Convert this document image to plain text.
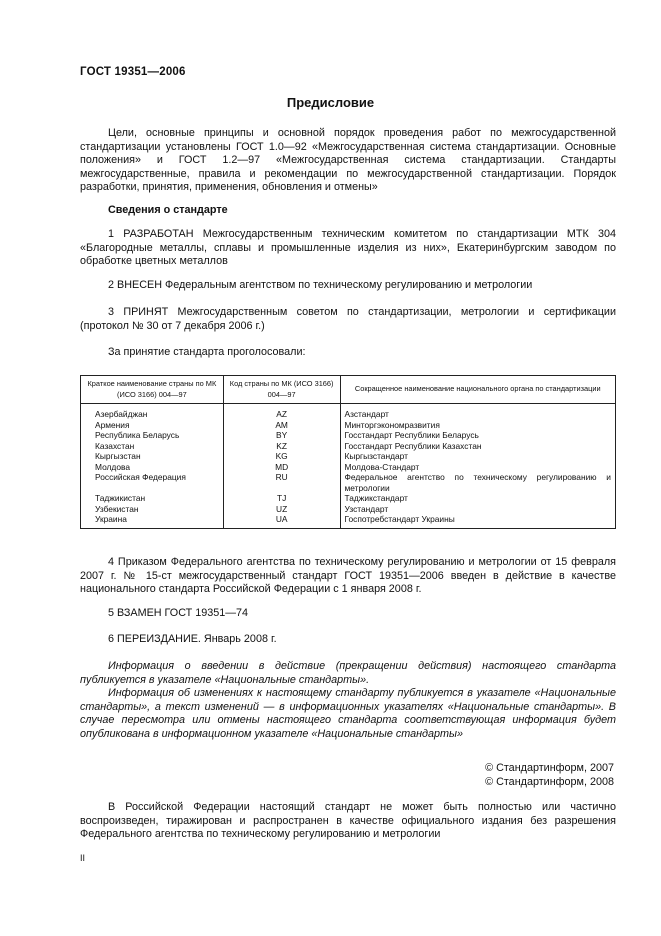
ГОСТ 19351—2006
Предисловие
Цели, основные принципы и основной порядок проведения работ по межгосударственной стандартизации установлены ГОСТ 1.0—92 «Межгосударственная система стандартизации. Основные положения» и ГОСТ 1.2—97 «Межгосударственная система стандартизации. Стандарты межгосударственные, правила и рекомендации по межгосударственной стандартизации. Порядок разработки, принятия, применения, обновления и отмены»
Сведения о стандарте
1 РАЗРАБОТАН Межгосударственным техническим комитетом по стандартизации МТК 304 «Благородные металлы, сплавы и промышленные изделия из них», Екатеринбургским заводом по обработке цветных металлов
2 ВНЕСЕН Федеральным агентством по техническому регулированию и метрологии
3 ПРИНЯТ Межгосударственным советом по стандартизации, метрологии и сертификации (протокол № 30 от 7 декабря 2006 г.)
За принятие стандарта проголосовали:
Краткое наименование страны по МК (ИСО 3166) 004—97	Код страны по МК (ИСО 3166) 004—97	Сокращенное наименование национального органа по стандартизации
Азербайджан	AZ	Азстандарт
Армения	AM	Минторгэкономразвития
Республика Беларусь	BY	Госстандарт Республики Беларусь
Казахстан	KZ	Госстандарт Республики Казахстан
Кыргызстан	KG	Кыргызстандарт
Молдова	MD	Молдова-Стандарт
Российская Федерация	RU	Федеральное агентство по техническому регулированию и метрологии
Таджикистан	TJ	Таджикстандарт
Узбекистан	UZ	Узстандарт
Украина	UA	Госпотребстандарт Украины
4 Приказом Федерального агентства по техническому регулированию и метрологии от 15 февраля 2007 г. № 15-ст межгосударственный стандарт ГОСТ 19351—2006 введен в действие в качестве национального стандарта Российской Федерации с 1 января 2008 г.
5 ВЗАМЕН ГОСТ 19351—74
6 ПЕРЕИЗДАНИЕ. Январь 2008 г.
Информация о введении в действие (прекращении действия) настоящего стандарта публикуется в указателе «Национальные стандарты».
Информация об изменениях к настоящему стандарту публикуется в указателе «Национальные стандарты», а текст изменений — в информационных указателях «Национальные стандарты». В случае пересмотра или отмены настоящего стандарта соответствующая информация будет опубликована в информационном указателе «Национальные стандарты»
© Стандартинформ, 2007
© Стандартинформ, 2008
В Российской Федерации настоящий стандарт не может быть полностью или частично воспроизведен, тиражирован и распространен в качестве официального издания без разрешения Федерального агентства по техническому регулированию и метрологии
II
